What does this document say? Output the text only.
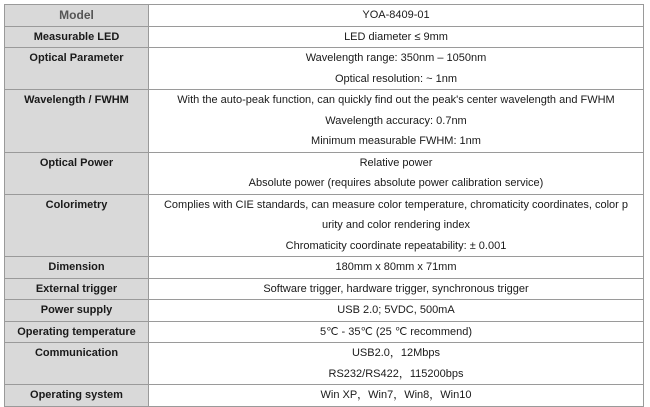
Model	YOA-8409-01

Measurable LED	LED diameter ≤ 9mm

Optical Parameter	Wavelength range: 350nm – 1050nm
Optical resolution: ~ 1nm

Wavelength / FWHM	With the auto-peak function, can quickly find out the peak's center wavelength and FWHM
Wavelength accuracy: 0.7nm
Minimum measurable FWHM: 1nm

Optical Power	Relative power
Absolute power (requires absolute power calibration service)

Colorimetry	Complies with CIE standards, can measure color temperature, chromaticity coordinates, color p
urity and color rendering index
Chromaticity coordinate repeatability: ± 0.001

Dimension	180mm x 80mm x 71mm

External trigger	Software trigger, hardware trigger, synchronous trigger

Power supply	USB 2.0; 5VDC, 500mA

Operating temperature	5℃ - 35℃ (25 ℃ recommend)

Communication	USB2.0，12Mbps
RS232/RS422，115200bps

Operating system	Win XP，Win7，Win8，Win10
